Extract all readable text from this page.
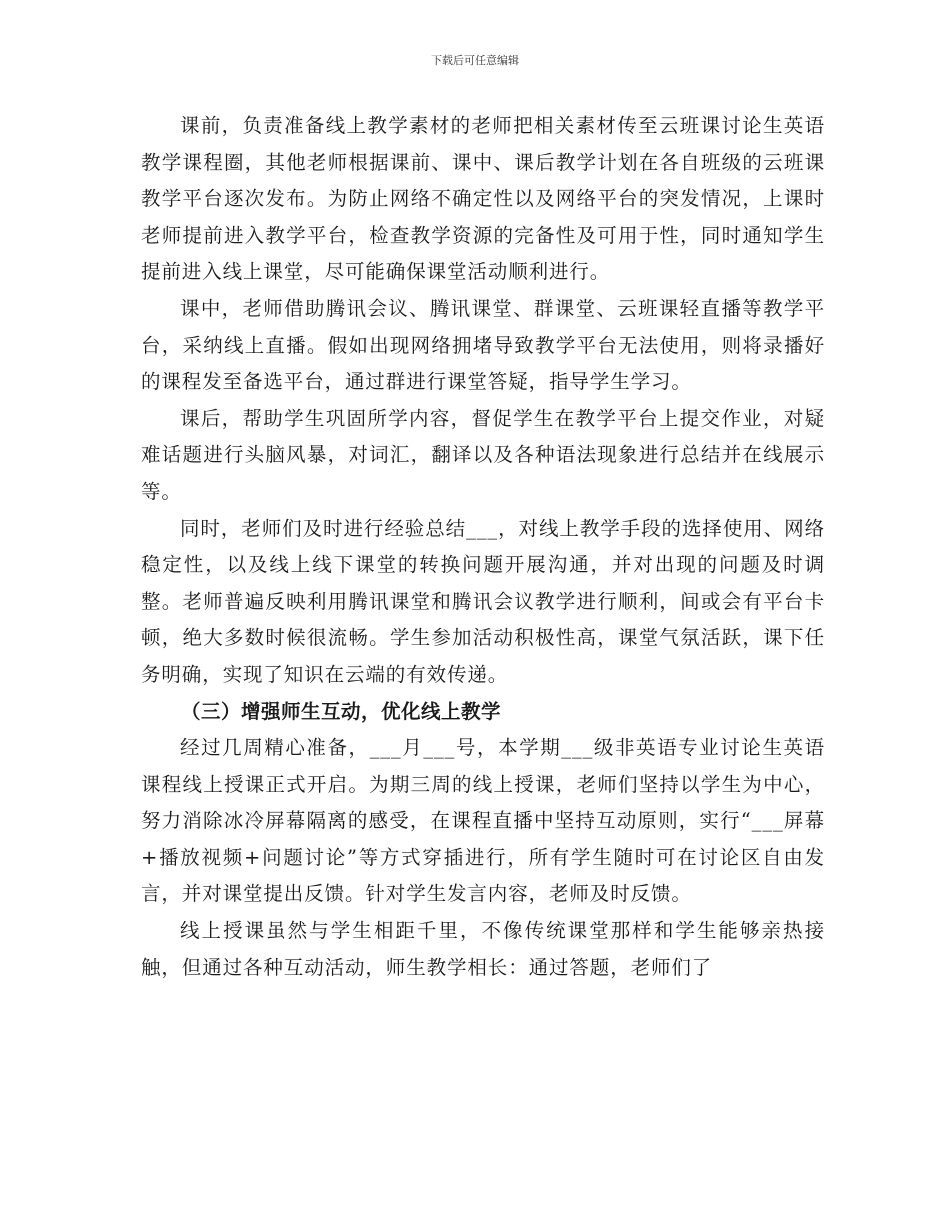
下载后可任意编辑

课前，负责准备线上教学素材的老师把相关素材传至云班课讨论生英语教学课程圈，其他老师根据课前、课中、课后教学计划在各自班级的云班课教学平台逐次发布。为防止网络不确定性以及网络平台的突发情况，上课时老师提前进入教学平台，检查教学资源的完备性及可用于性，同时通知学生提前进入线上课堂，尽可能确保课堂活动顺利进行。

课中，老师借助腾讯会议、腾讯课堂、群课堂、云班课轻直播等教学平台，采纳线上直播。假如出现网络拥堵导致教学平台无法使用，则将录播好的课程发至备选平台，通过群进行课堂答疑，指导学生学习。

课后，帮助学生巩固所学内容，督促学生在教学平台上提交作业，对疑难话题进行头脑风暴，对词汇，翻译以及各种语法现象进行总结并在线展示等。

同时，老师们及时进行经验总结___，对线上教学手段的选择使用、网络稳定性，以及线上线下课堂的转换问题开展沟通，并对出现的问题及时调整。老师普遍反映利用腾讯课堂和腾讯会议教学进行顺利，间或会有平台卡顿，绝大多数时候很流畅。学生参加活动积极性高，课堂气氛活跃，课下任务明确，实现了知识在云端的有效传递。

（三）增强师生互动，优化线上教学

经过几周精心准备，___月___号，本学期___级非英语专业讨论生英语课程线上授课正式开启。为期三周的线上授课，老师们坚持以学生为中心，努力消除冰冷屏幕隔离的感受，在课程直播中坚持互动原则，实行“___屏幕+播放视频+问题讨论”等方式穿插进行，所有学生随时可在讨论区自由发言，并对课堂提出反馈。针对学生发言内容，老师及时反馈。

线上授课虽然与学生相距千里，不像传统课堂那样和学生能够亲热接触，但通过各种互动活动，师生教学相长：通过答题，老师们了
